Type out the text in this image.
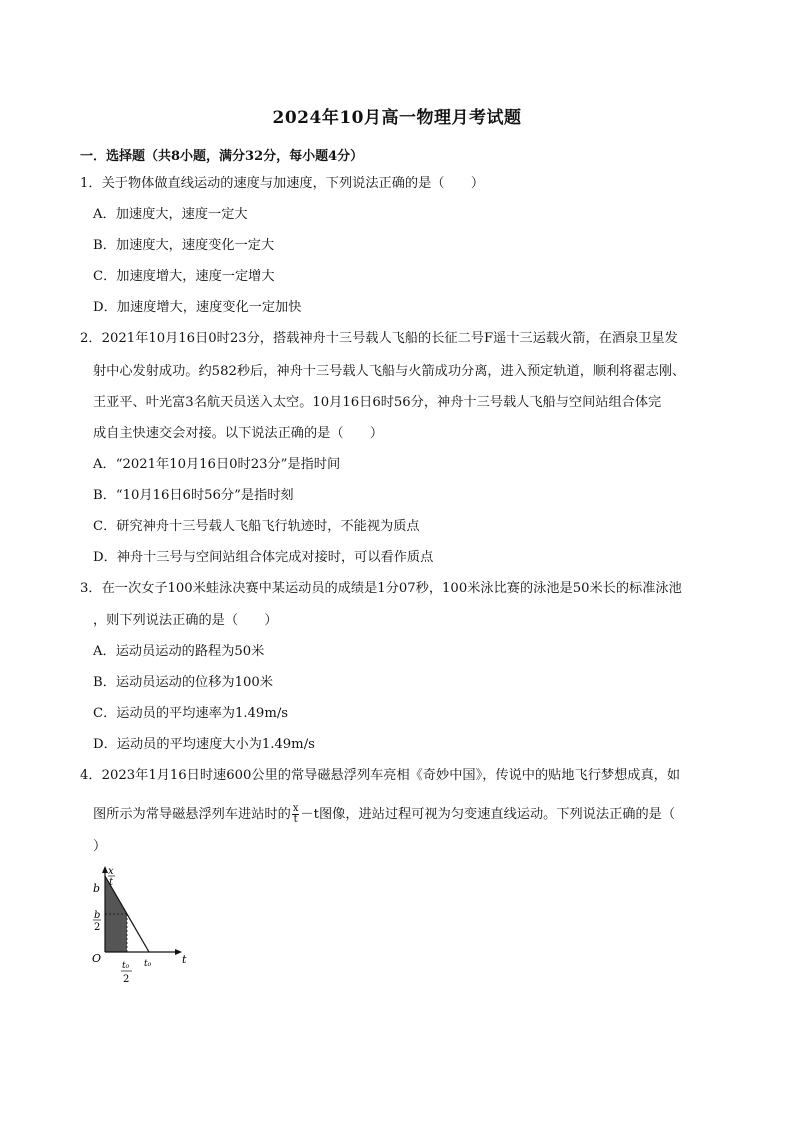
2024年10月高一物理月考试题
一．选择题（共8小题，满分32分，每小题4分）
1．关于物体做直线运动的速度与加速度，下列说法正确的是（　　）
A．加速度大，速度一定大
B．加速度大，速度变化一定大
C．加速度增大，速度一定增大
D．加速度增大，速度变化一定加快
2．2021年10月16日0时23分，搭载神舟十三号载人飞船的长征二号F遥十三运载火箭，在酒泉卫星发
射中心发射成功。约582秒后，神舟十三号载人飞船与火箭成功分离，进入预定轨道，顺利将翟志刚、
王亚平、叶光富3名航天员送入太空。10月16日6时56分，神舟十三号载人飞船与空间站组合体完
成自主快速交会对接。以下说法正确的是（　　）
A．“2021年10月16日0时23分”是指时间
B．“10月16日6时56分”是指时刻
C．研究神舟十三号载人飞船飞行轨迹时，不能视为质点
D．神舟十三号与空间站组合体完成对接时，可以看作质点
3．在一次女子100米蛙泳决赛中某运动员的成绩是1分07秒，100米泳比赛的泳池是50米长的标准泳池
，则下列说法正确的是（　　）
A．运动员运动的路程为50米
B．运动员运动的位移为100米
C．运动员的平均速率为1.49m/s
D．运动员的平均速度大小为1.49m/s
4．2023年1月16日时速600公里的常导磁悬浮列车亮相《奇妙中国》，传说中的贴地飞行梦想成真，如
图所示为常导磁悬浮列车进站时的 $\frac{x}{t} -t$图像，进站过程可视为匀变速直线运动。下列说法正确的是（
）
x
t
b
b
2
O
t₀
2
t₀	t
